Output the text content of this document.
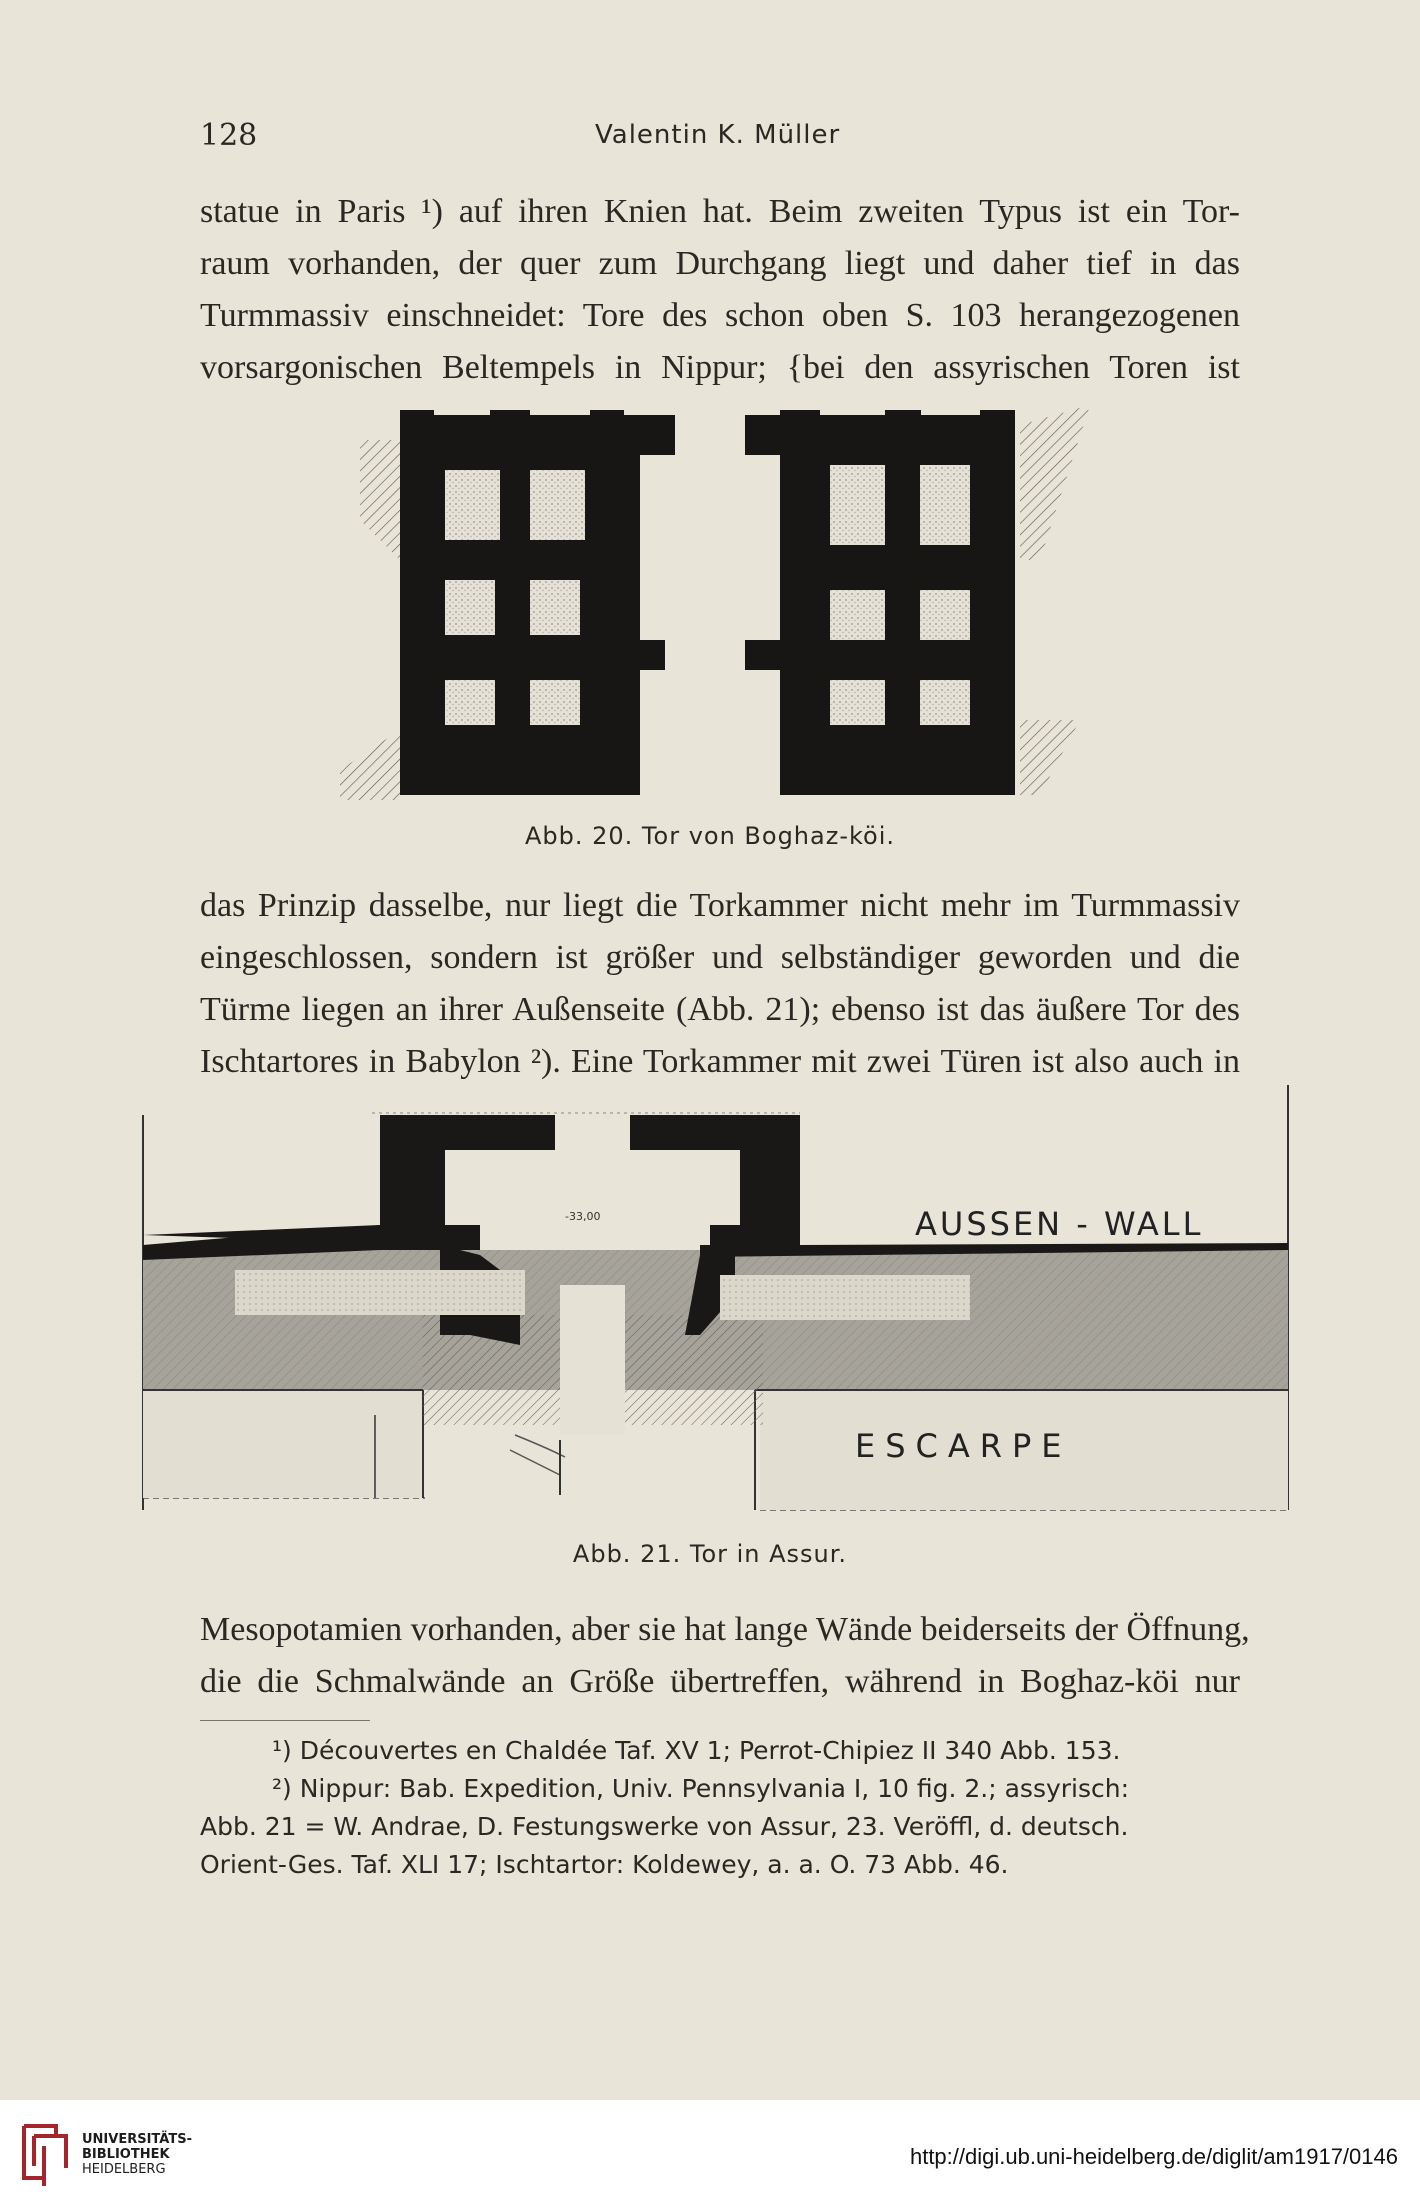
128	Valentin K. Müller

statue in Paris ¹) auf ihren Knien hat. Beim zweiten Typus ist ein Tor-

raum vorhanden, der quer zum Durchgang liegt und daher tief in das

Turmmassiv einschneidet: Tore des schon oben S. 103 herangezogenen

vorsargonischen Beltempels in Nippur; {bei den assyrischen Toren ist

Abb. 20. Tor von Boghaz-köi.

das Prinzip dasselbe, nur liegt die Torkammer nicht mehr im Turmmassiv

eingeschlossen, sondern ist größer und selbständiger geworden und die

Türme liegen an ihrer Außenseite (Abb. 21); ebenso ist das äußere Tor des

Ischtartores in Babylon ²). Eine Torkammer mit zwei Türen ist also auch in

-33,00	AUSSEN - WALL
ESCARPE
Abb. 21. Tor in Assur.

Mesopotamien vorhanden, aber sie hat lange Wände beiderseits der Öffnung,

die die Schmalwände an Größe übertreffen, während in Boghaz-köi nur

¹) Découvertes en Chaldée Taf. XV 1; Perrot-Chipiez II 340 Abb. 153.

²) Nippur: Bab. Expedition, Univ. Pennsylvania I, 10 fig. 2.; assyrisch:

Abb. 21 = W. Andrae, D. Festungswerke von Assur, 23. Veröffl, d. deutsch.

Orient-Ges. Taf. XLI 17; Ischtartor: Koldewey, a. a. O. 73 Abb. 46.

UNIVERSITÄTS-
BIBLIOTHEK
HEIDELBERG
http://digi.ub.uni-heidelberg.de/diglit/am1917/0146
